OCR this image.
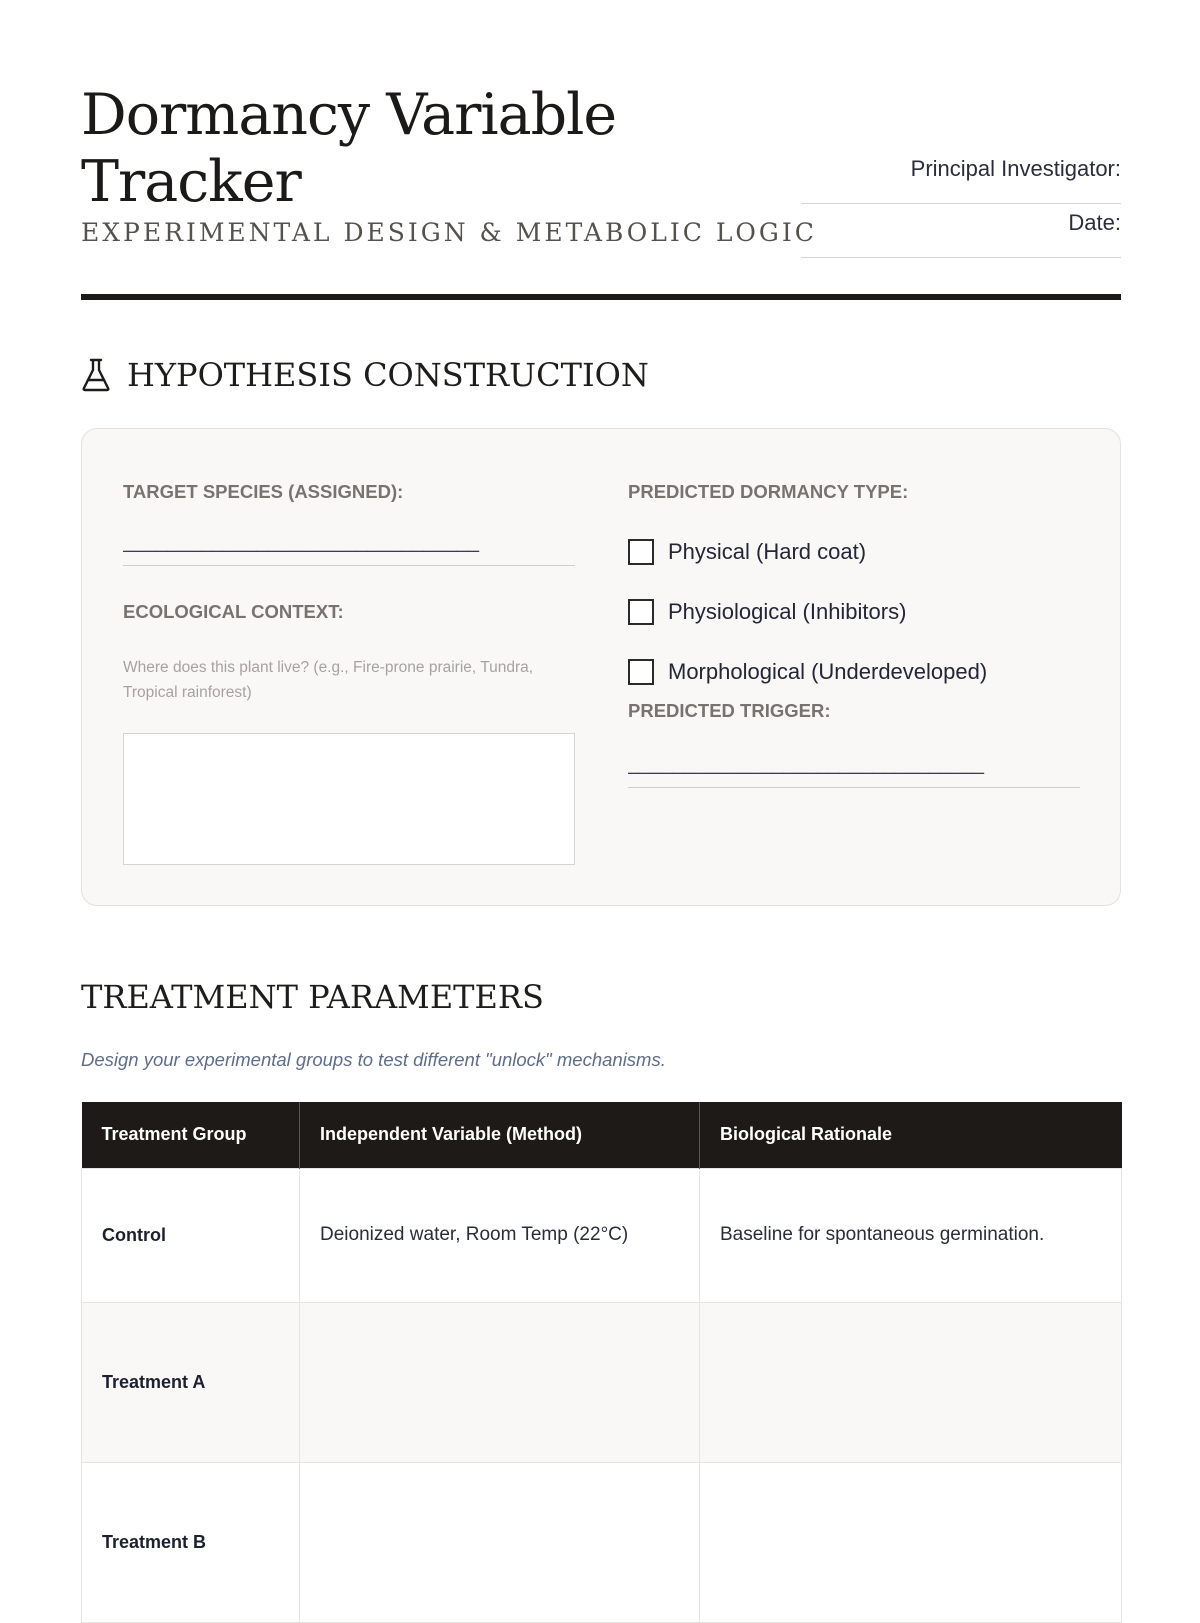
Dormancy Variable
Tracker
EXPERIMENTAL DESIGN & METABOLIC LOGIC
Principal Investigator:
Date:
HYPOTHESIS CONSTRUCTION
TARGET SPECIES (ASSIGNED):
________________________________
ECOLOGICAL CONTEXT:
Where does this plant live? (e.g., Fire-prone prairie, Tundra, Tropical rainforest)
PREDICTED DORMANCY TYPE:
Physical (Hard coat)
Physiological (Inhibitors)
Morphological (Underdeveloped)
PREDICTED TRIGGER:
________________________________
TREATMENT PARAMETERS
Design your experimental groups to test different "unlock" mechanisms.
Treatment Group	Independent Variable (Method)	Biological Rationale
Control	Deionized water, Room Temp (22°C)	Baseline for spontaneous germination.
Treatment A		
Treatment B		
